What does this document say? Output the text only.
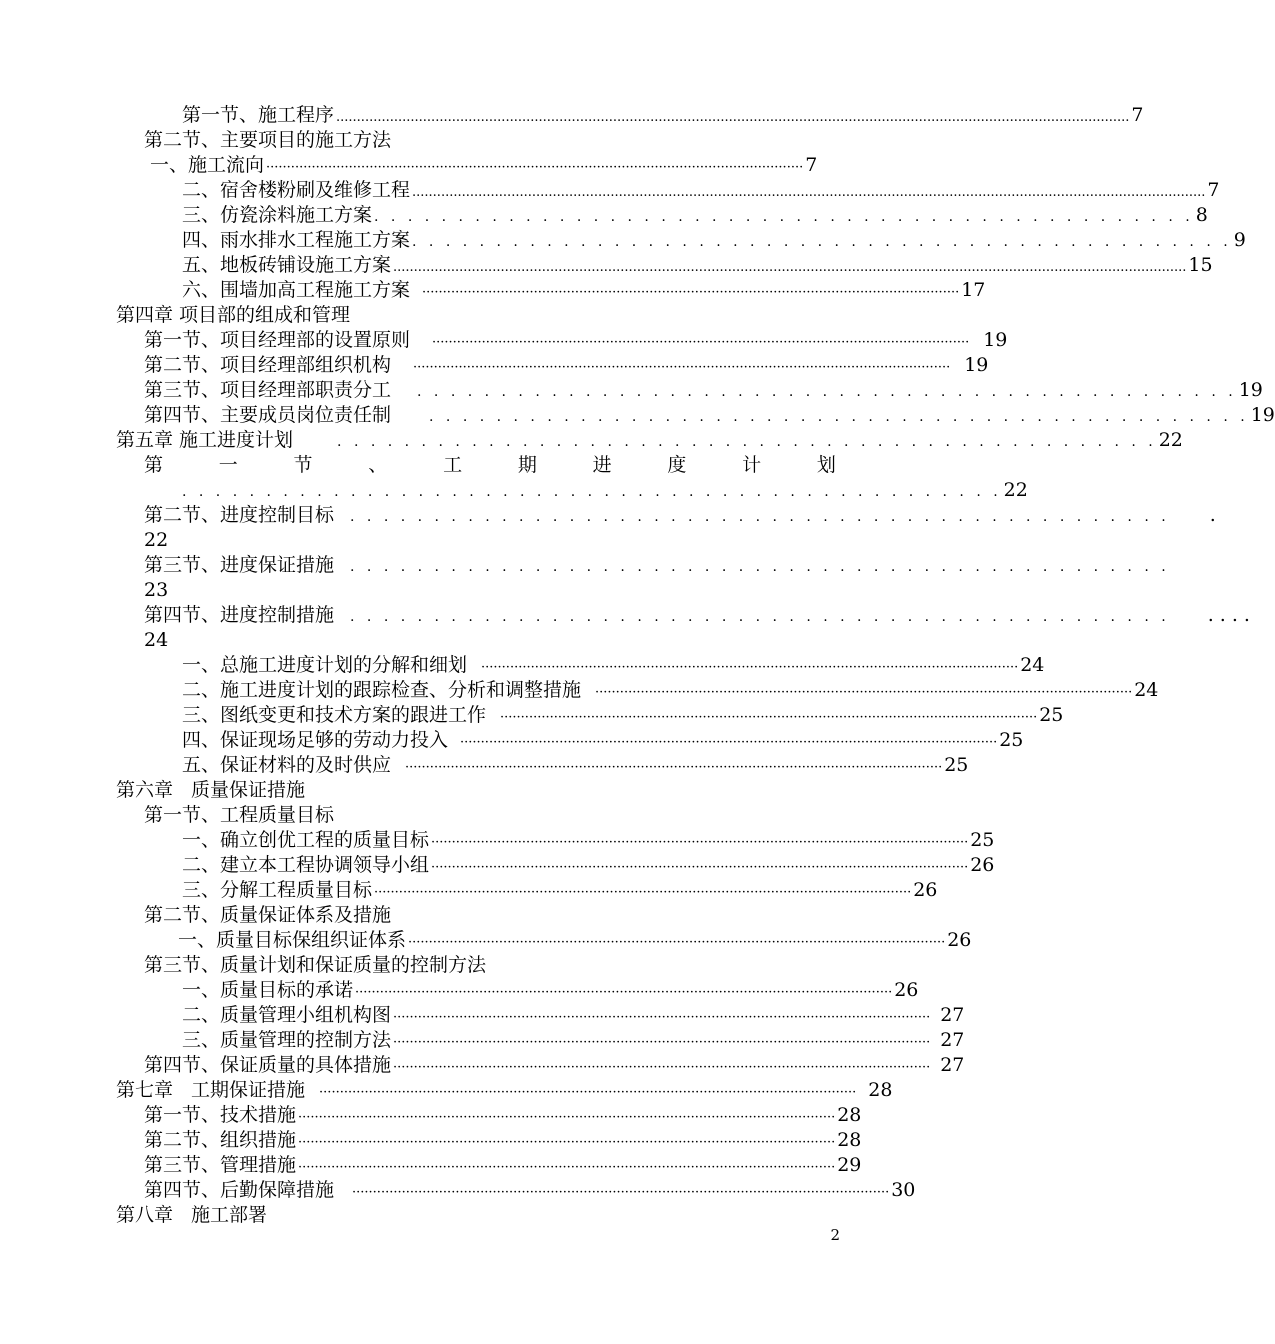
第一节、施工程序 ................................................................................................................................................................................................ 7
第二节、主要项目的施工方法
一、施工流向 ·································································································································· 7
二、宿舍楼粉刷及维修工程 ................................................................................................................................................................................................ 7
三、仿瓷涂料施工方案 . . . . . . . . . . . . . . . . . . . . . . . . . . . . . . . . . . . . . . . . . . . . . . . . . 8
四、雨水排水工程施工方案 . . . . . . . . . . . . . . . . . . . . . . . . . . . . . . . . . . . . . . . . . . . . . . . . . 9
五、地板砖铺设施工方案 ................................................................................................................................................................................................ 15
六、围墙加高工程施工方案 ·································································································································· 17
第四章 项目部的组成和管理
第一节、项目经理部的设置原则 ·································································································································· 19
第二节、项目经理部组织机构 ·································································································································· 19
第三节、项目经理部职责分工 . . . . . . . . . . . . . . . . . . . . . . . . . . . . . . . . . . . . . . . . . . . . . . . . . 19
第四节、主要成员岗位责任制	. . . . . . . . . . . . . . . . . . . . . . . . . . . . . . . . . . . . . . . . . . . . . . . . . 19
第五章 施工进度计划	. . . . . . . . . . . . . . . . . . . . . . . . . . . . . . . . . . . . . . . . . . . . . . . . . 22
第	一	节	、	工	期	进	度	计	划
. . . . . . . . . . . . . . . . . . . . . . . . . . . . . . . . . . . . . . . . . . . . . . . . . 22
第二节、进度控制目标 . . . . . . . . . . . . . . . . . . . . . . . . . . . . . . . . . . . . . . . . . . . . . . . . . .
22
第三节、进度保证措施 . . . . . . . . . . . . . . . . . . . . . . . . . . . . . . . . . . . . . . . . . . . . . . . . .
23
第四节、进度控制措施 . . . . . . . . . . . . . . . . . . . . . . . . . . . . . . . . . . . . . . . . . . . . . . . . . . . . .
24
一、总施工进度计划的分解和细划 ·································································································································· 24
二、施工进度计划的跟踪检查、分析和调整措施 ·································································································································· 24
三、图纸变更和技术方案的跟进工作 ·································································································································· 25
四、保证现场足够的劳动力投入 ·································································································································· 25
五、保证材料的及时供应 ·································································································································· 25
第六章 质量保证措施
第一节、工程质量目标
一、确立创优工程的质量目标 ·································································································································· 25
二、建立本工程协调领导小组 ·································································································································· 26
三、分解工程质量目标 ·································································································································· 26
第二节、质量保证体系及措施
一、质量目标保组织证体系 ·································································································································· 26
第三节、质量计划和保证质量的控制方法
一、质量目标的承诺 ·································································································································· 26
二、质量管理小组机构图 ·································································································································· 27
三、质量管理的控制方法 ·································································································································· 27
第四节、保证质量的具体措施 ·································································································································· 27
第七章 工期保证措施 ·································································································································· 28
第一节、技术措施 ·································································································································· 28
第二节、组织措施 ·································································································································· 28
第三节、管理措施 ·································································································································· 29
第四节、后勤保障措施 ·································································································································· 30
第八章 施工部署
2
